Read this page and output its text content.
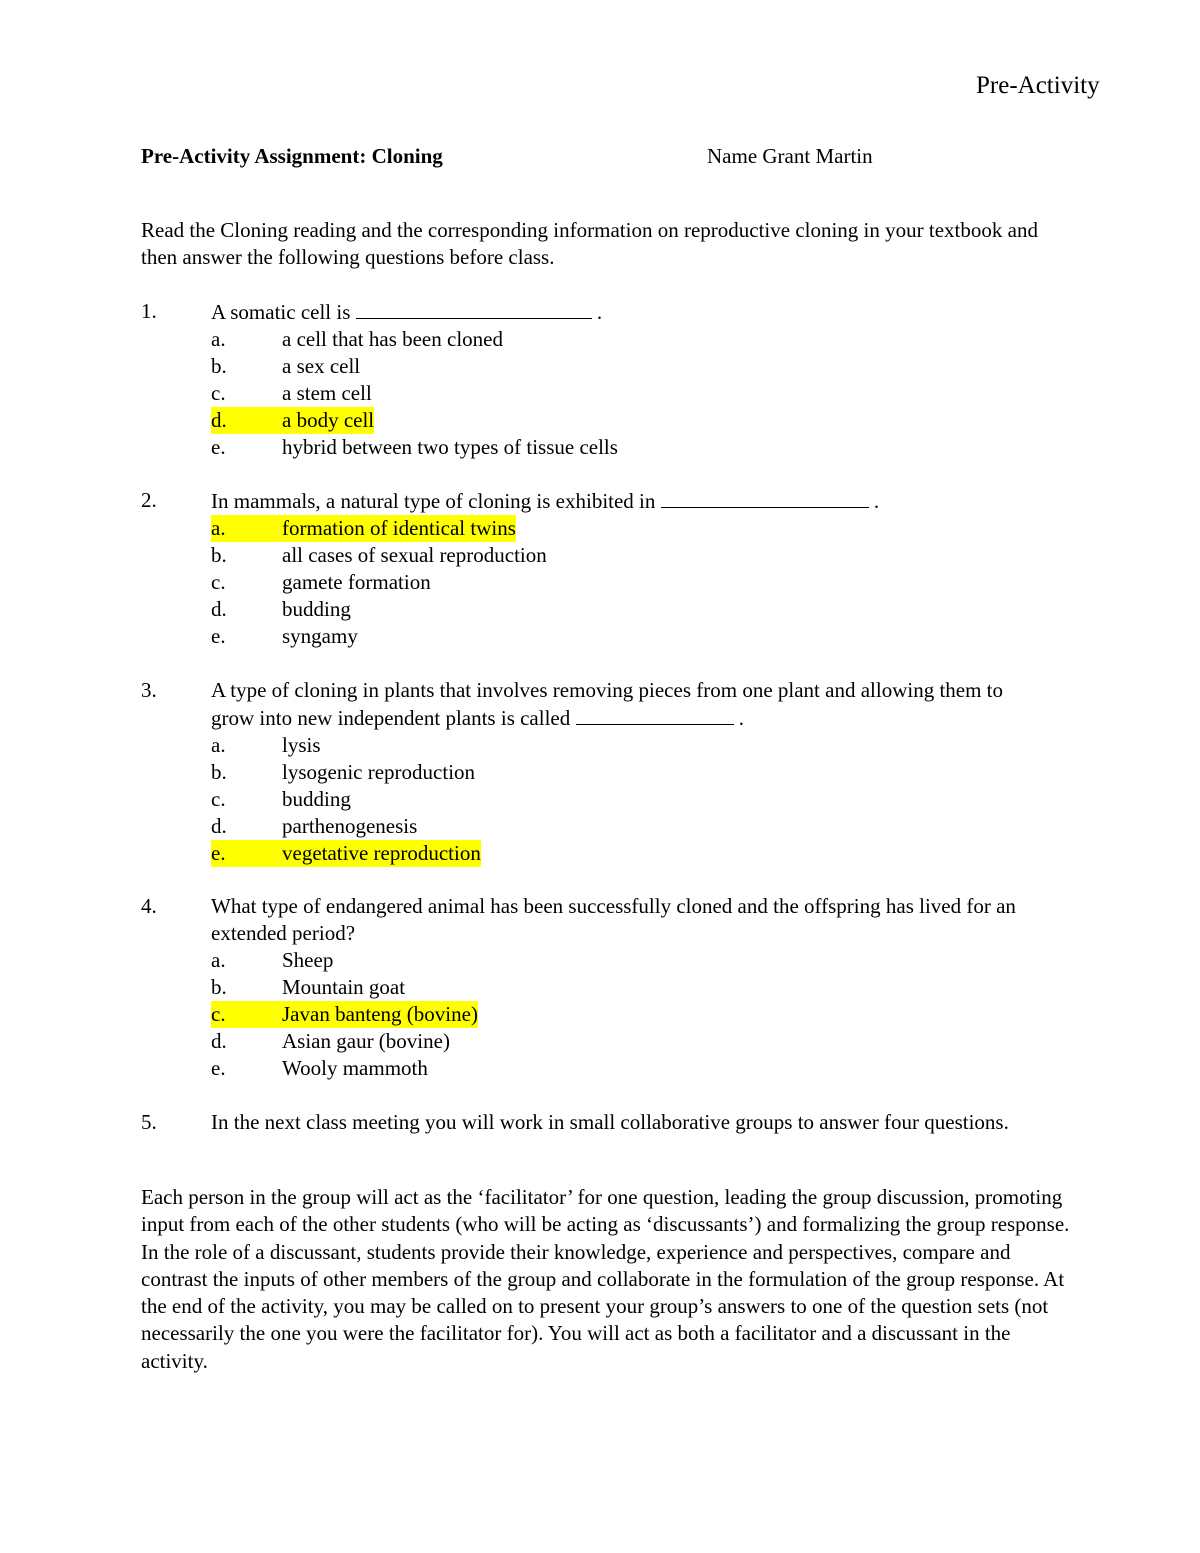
Pre-Activity
Pre-Activity Assignment: Cloning	Name Grant Martin
Read the Cloning reading and the corresponding information on reproductive cloning in your textbook and then answer the following questions before class.
1.	A somatic cell is	.
a.	a cell that has been cloned
b.	a sex cell
c.	a stem cell
d.	a body cell
e.	hybrid between two types of tissue cells
2.	In mammals, a natural type of cloning is exhibited in	.
a.	formation of identical twins
b.	all cases of sexual reproduction
c.	gamete formation
d.	budding
e.	syngamy
3.	A type of cloning in plants that involves removing pieces from one plant and allowing them to grow into new independent plants is called	.
a.	lysis
b.	lysogenic reproduction
c.	budding
d.	parthenogenesis
e.	vegetative reproduction
4.	What type of endangered animal has been successfully cloned and the offspring has lived for an extended period?
a.	Sheep
b.	Mountain goat
c.	Javan banteng (bovine)
d.	Asian gaur (bovine)
e.	Wooly mammoth
5.	In the next class meeting you will work in small collaborative groups to answer four questions.
Each person in the group will act as the ‘facilitator’ for one question, leading the group discussion, promoting input from each of the other students (who will be acting as ‘discussants’) and formalizing the group response. In the role of a discussant, students provide their knowledge, experience and perspectives, compare and contrast the inputs of other members of the group and collaborate in the formulation of the group response. At the end of the activity, you may be called on to present your group’s answers to one of the question sets (not necessarily the one you were the facilitator for). You will act as both a facilitator and a discussant in the activity.
